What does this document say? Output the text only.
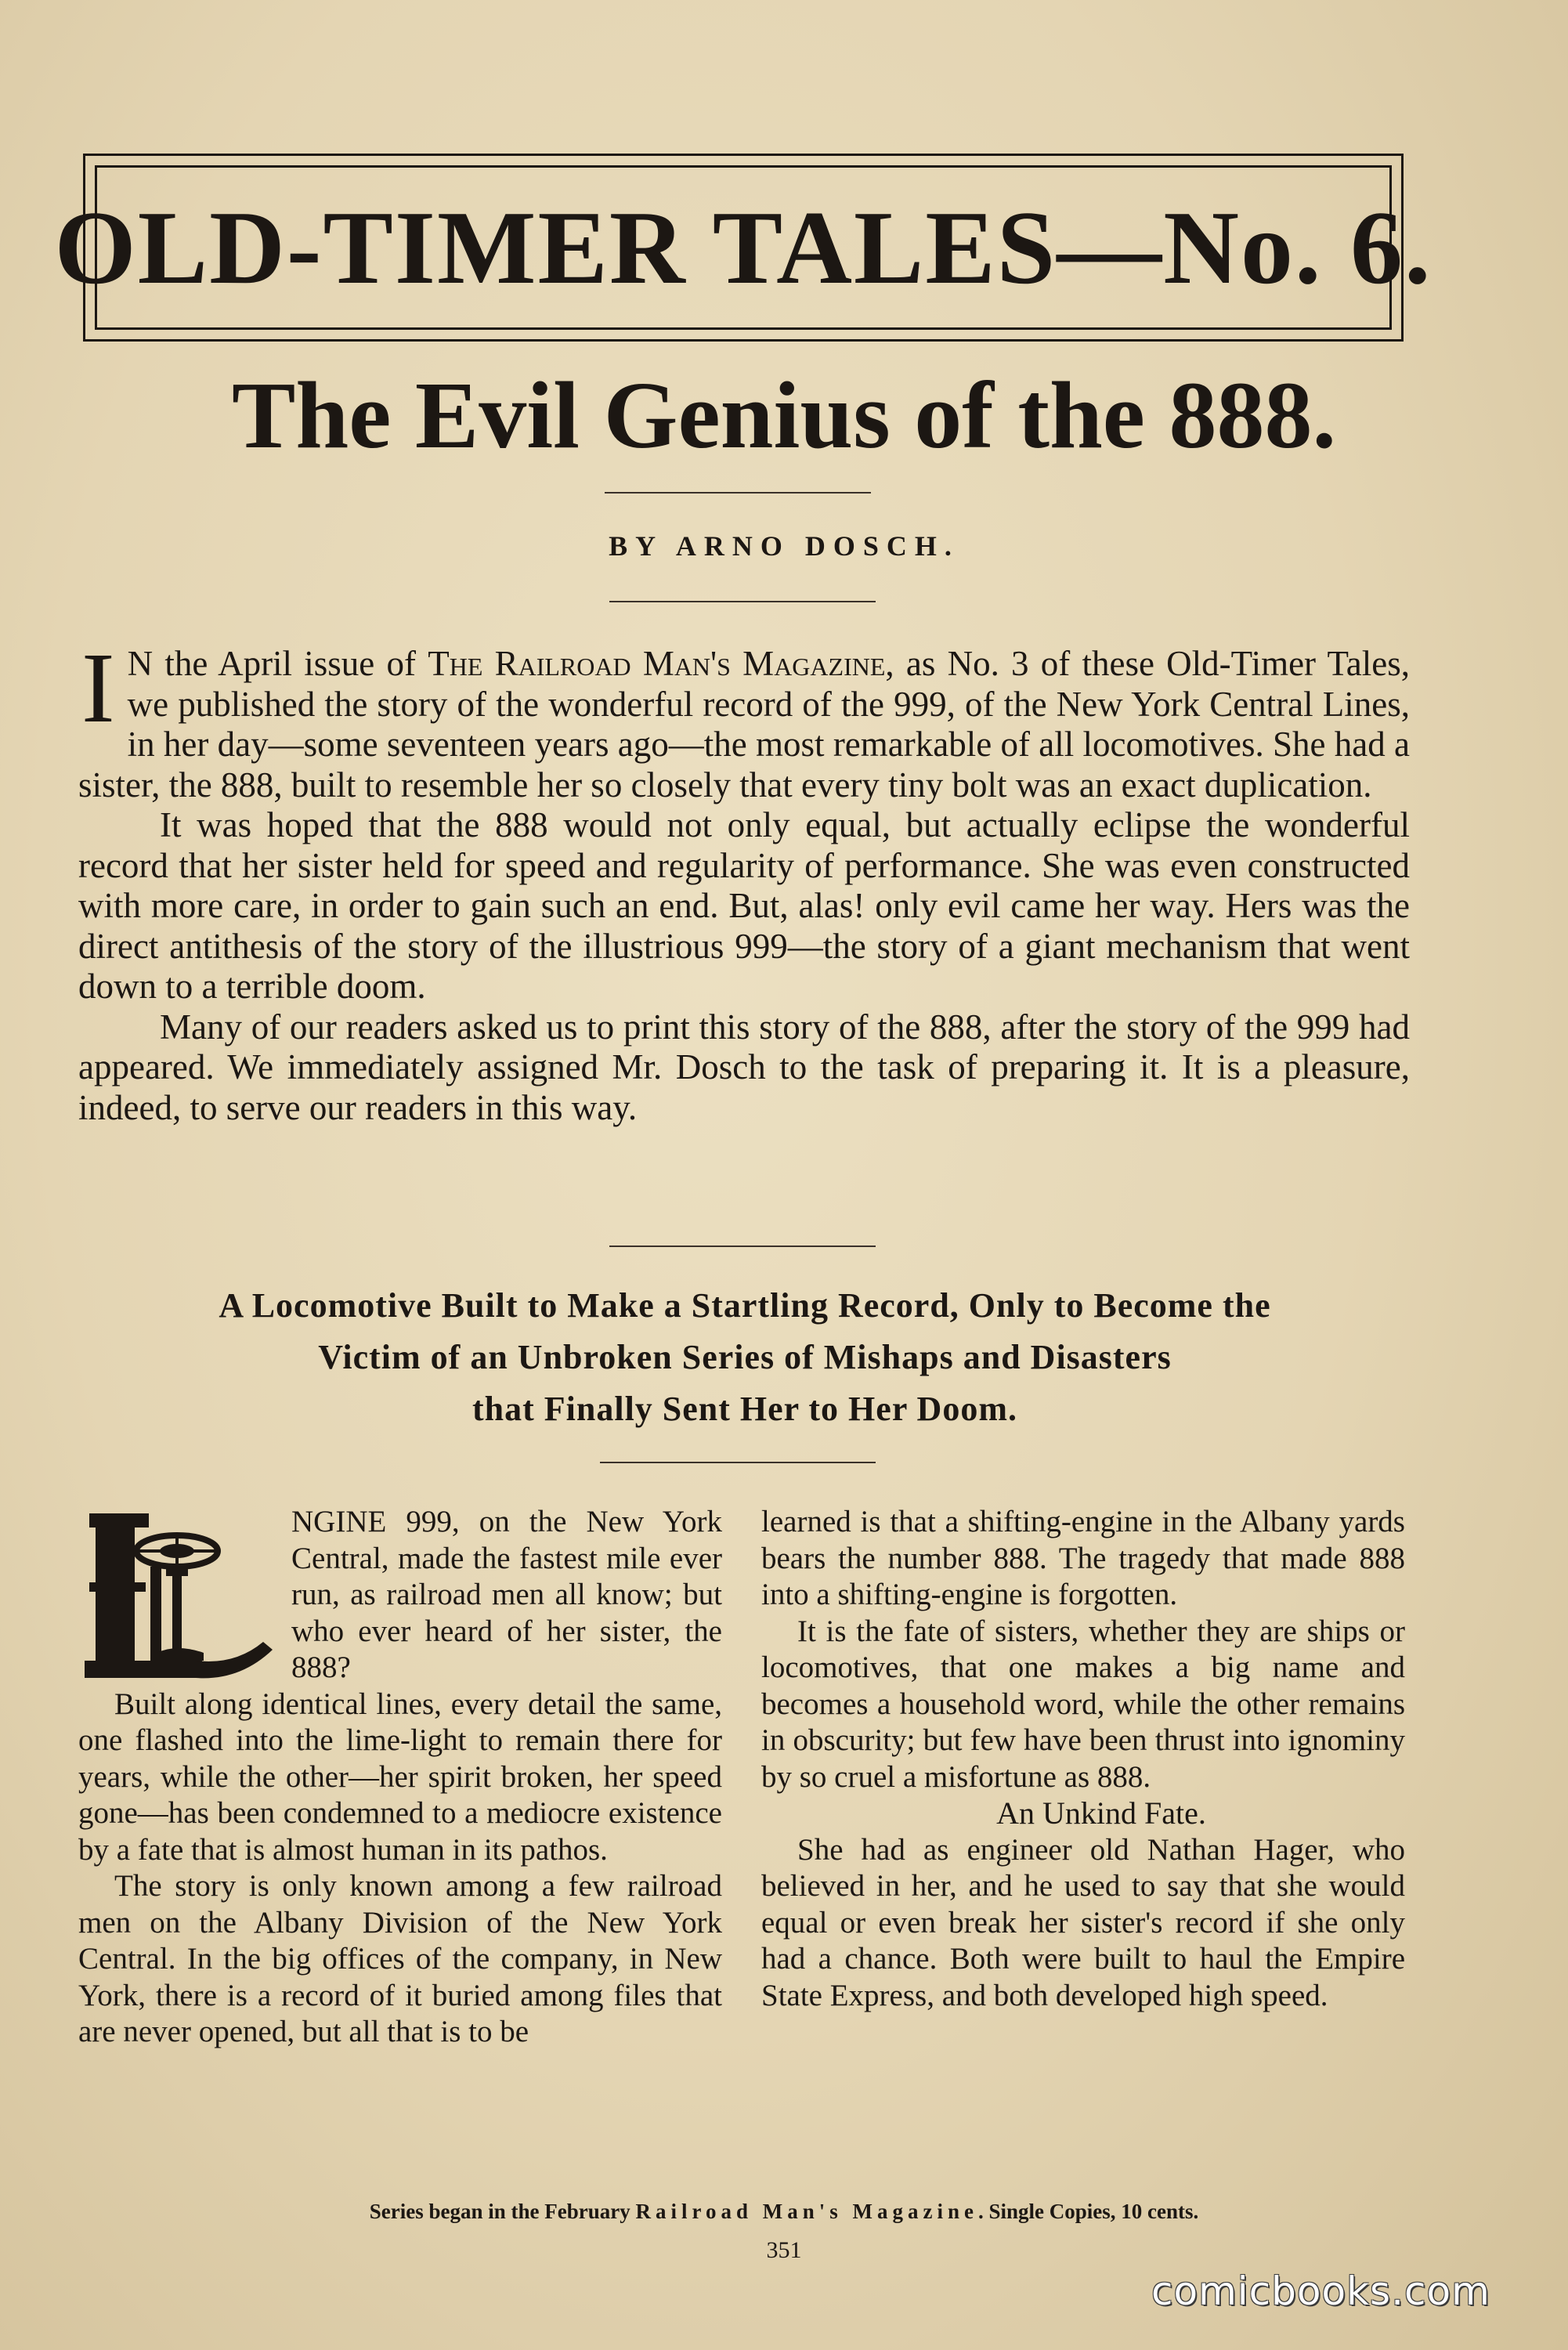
OLD-TIMER TALES—No. 6.
The Evil Genius of the 888.
BY ARNO DOSCH.

I N the April issue of The Railroad Man's Magazine, as No. 3 of these Old-Timer Tales, we published the story of the wonderful record of the 999, of the New York Central Lines, in her day—some seventeen years ago—the most remarkable of all locomotives. She had a sister, the 888, built to resemble her so closely that every tiny bolt was an exact duplication.

It was hoped that the 888 would not only equal, but actually eclipse the wonderful record that her sister held for speed and regularity of performance. She was even constructed with more care, in order to gain such an end. But, alas! only evil came her way. Hers was the direct antithesis of the story of the illustrious 999—the story of a giant mechanism that went down to a terrible doom.

Many of our readers asked us to print this story of the 888, after the story of the 999 had appeared. We immediately assigned Mr. Dosch to the task of preparing it. It is a pleasure, indeed, to serve our readers in this way.

A Locomotive Built to Make a Startling Record, Only to Become the
Victim of an Unbroken Series of Mishaps and Disasters
that Finally Sent Her to Her Doom.

NGINE 999, on the New York Central, made the fastest mile ever run, as railroad men all know; but who ever heard of her sister, the 888?

Built along identical lines, every detail the same, one flashed into the lime-light to remain there for years, while the other—her spirit broken, her speed gone—has been condemned to a mediocre existence by a fate that is almost human in its pathos.

The story is only known among a few railroad men on the Albany Division of the New York Central. In the big offices of the company, in New York, there is a record of it buried among files that are never opened, but all that is to be

learned is that a shifting-engine in the Albany yards bears the number 888. The tragedy that made 888 into a shifting-engine is forgotten.

It is the fate of sisters, whether they are ships or locomotives, that one makes a big name and becomes a household word, while the other remains in obscurity; but few have been thrust into ignominy by so cruel a misfortune as 888.

An Unkind Fate.

She had as engineer old Nathan Hager, who believed in her, and he used to say that she would equal or even break her sister's record if she only had a chance. Both were built to haul the Empire State Express, and both developed high speed.

Series began in the February Railroad Man's Magazine. Single Copies, 10 cents.
351
comicbooks.com
